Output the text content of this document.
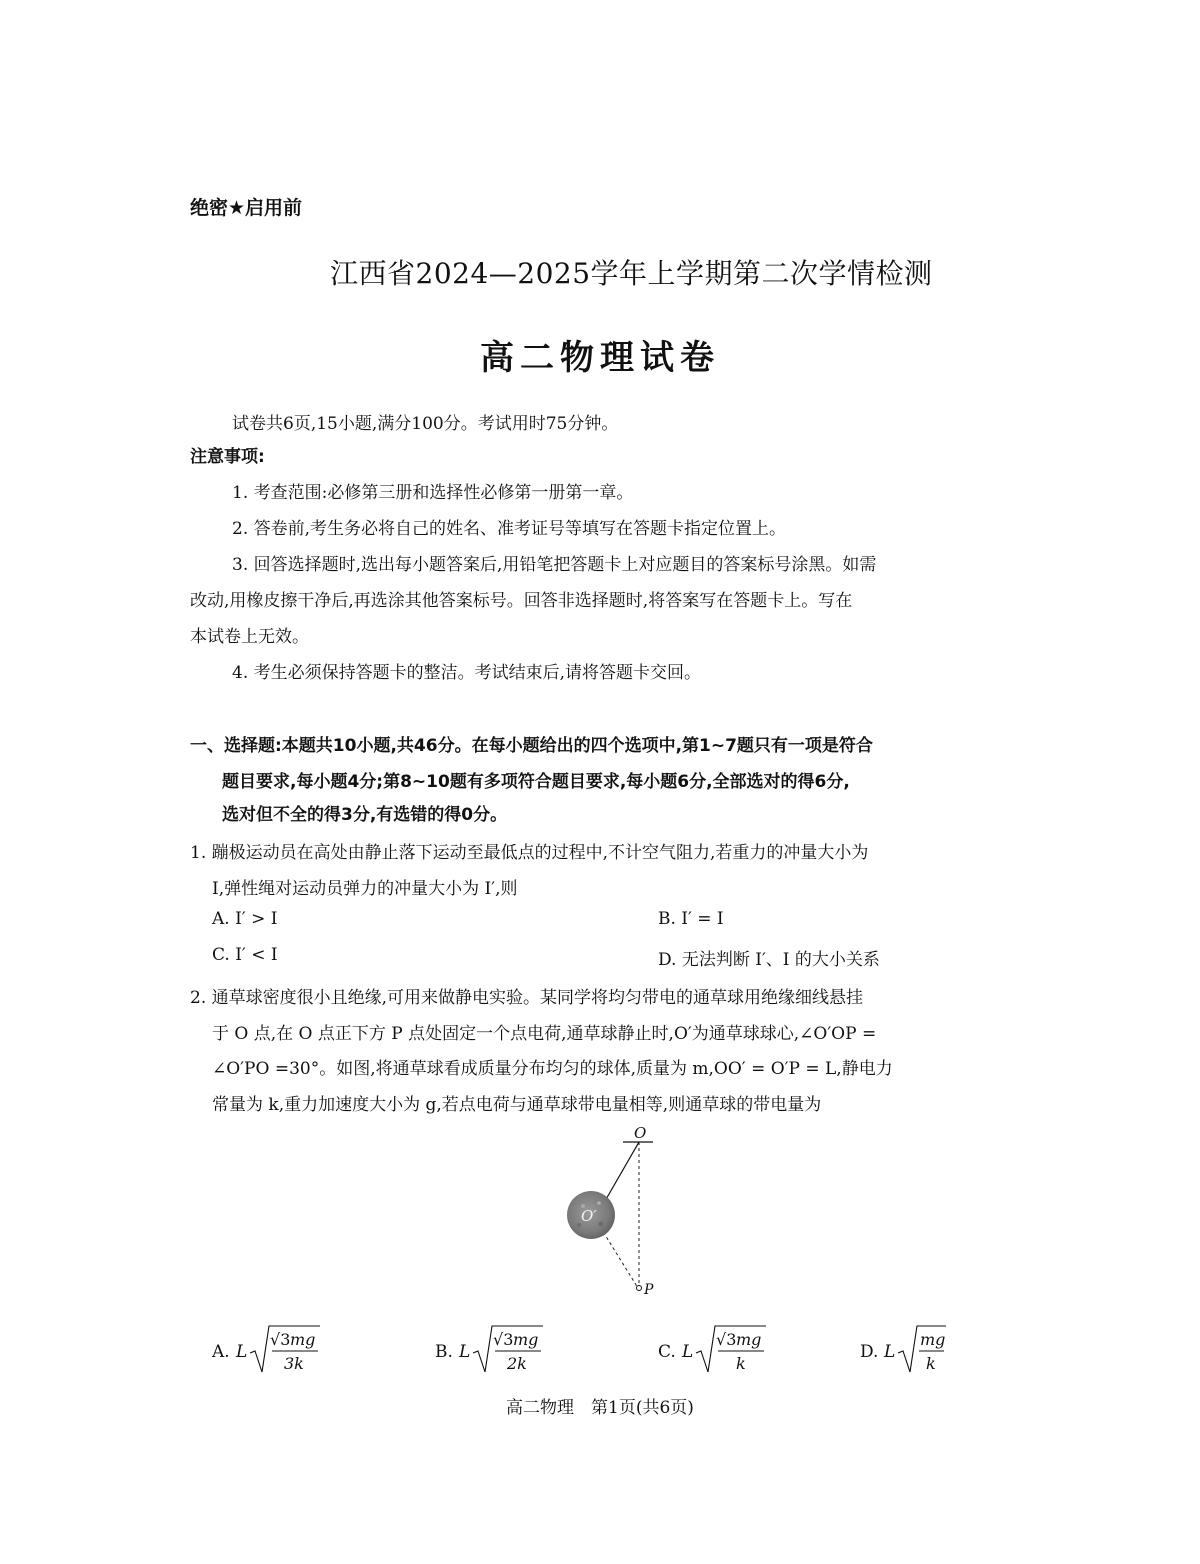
绝密★启用前
江西省2024—2025学年上学期第二次学情检测
高二物理试卷
试卷共6页,15小题,满分100分。考试用时75分钟。
注意事项:
1. 考查范围:必修第三册和选择性必修第一册第一章。
2. 答卷前,考生务必将自己的姓名、准考证号等填写在答题卡指定位置上。
3. 回答选择题时,选出每小题答案后,用铅笔把答题卡上对应题目的答案标号涂黑。如需
改动,用橡皮擦干净后,再选涂其他答案标号。回答非选择题时,将答案写在答题卡上。写在
本试卷上无效。
4. 考生必须保持答题卡的整洁。考试结束后,请将答题卡交回。
一、选择题:本题共10小题,共46分。在每小题给出的四个选项中,第1~7题只有一项是符合
题目要求,每小题4分;第8~10题有多项符合题目要求,每小题6分,全部选对的得6分,
选对但不全的得3分,有选错的得0分。
1. 蹦极运动员在高处由静止落下运动至最低点的过程中,不计空气阻力,若重力的冲量大小为
I,弹性绳对运动员弹力的冲量大小为 I′,则
A. I′ > I	B. I′ = I
C. I′ < I	D. 无法判断 I′、I 的大小关系
2. 通草球密度很小且绝缘,可用来做静电实验。某同学将均匀带电的通草球用绝缘细线悬挂
于 O 点,在 O 点正下方 P 点处固定一个点电荷,通草球静止时,O′为通草球球心,∠O′OP =
∠O′PO =30°。如图,将通草球看成质量分布均匀的球体,质量为 m,OO′ = O′P = L,静电力
常量为 k,重力加速度大小为 g,若点电荷与通草球带电量相等,则通草球的带电量为
O
O′
P
A. L
√3 mg
3k
B. L
√3 mg
2k
C. L
√3 mg
k
D. L
mg
k
高二物理　第1页(共6页)
